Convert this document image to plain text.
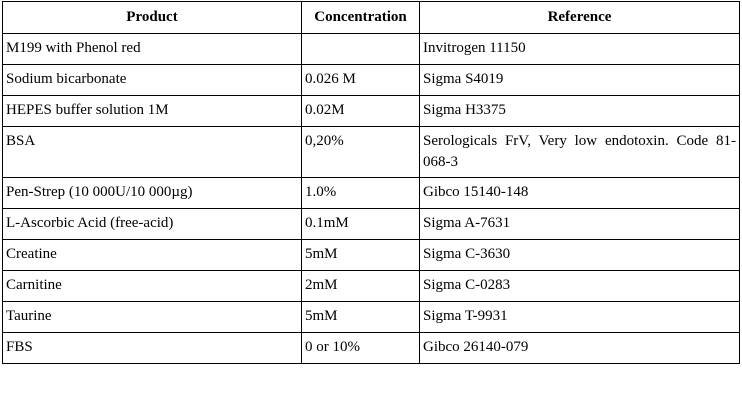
Product	Concentration	Reference
M199 with Phenol red		Invitrogen 11150
Sodium bicarbonate	0.026 M	Sigma S4019
HEPES buffer solution 1M	0.02M	Sigma H3375
BSA	0,20%	Serologicals FrV, Very low endotoxin. Code 81-068-3
Pen-Strep (10 000U/10 000µg)	1.0%	Gibco 15140-148
L-Ascorbic Acid (free-acid)	0.1mM	Sigma A-7631
Creatine	5mM	Sigma C-3630
Carnitine	2mM	Sigma C-0283
Taurine	5mM	Sigma T-9931
FBS	0 or 10%	Gibco 26140-079
